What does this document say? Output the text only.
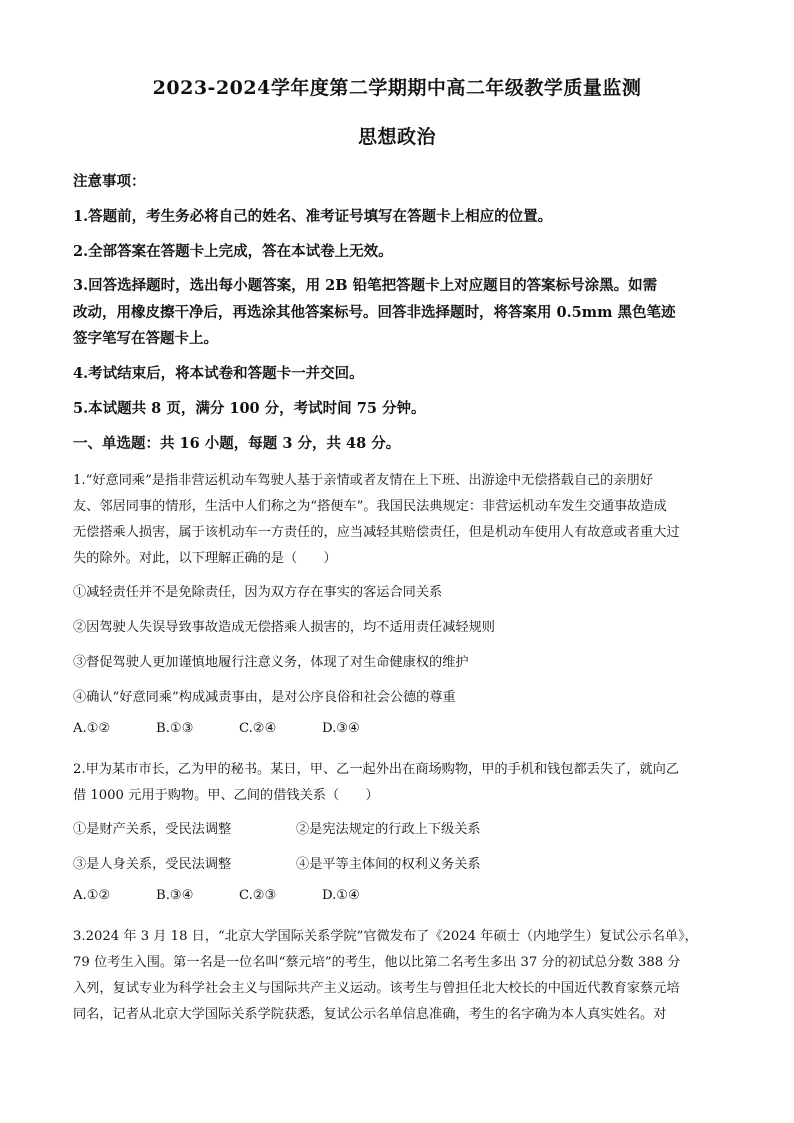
2023-2024学年度第二学期期中高二年级教学质量监测
思想政治
注意事项：
1.答题前，考生务必将自己的姓名、准考证号填写在答题卡上相应的位置。
2.全部答案在答题卡上完成，答在本试卷上无效。
3.回答选择题时，选出每小题答案，用 2B 铅笔把答题卡上对应题目的答案标号涂黑。如需
改动，用橡皮擦干净后，再选涂其他答案标号。回答非选择题时，将答案用 0.5mm 黑色笔迹
签字笔写在答题卡上。
4.考试结束后，将本试卷和答题卡一并交回。
5.本试题共 8 页，满分 100 分，考试时间 75 分钟。
一、单选题：共 16 小题，每题 3 分，共 48 分。
1.“好意同乘”是指非营运机动车驾驶人基于亲情或者友情在上下班、出游途中无偿搭载自己的亲朋好
友、邻居同事的情形，生活中人们称之为“搭便车”。我国民法典规定：非营运机动车发生交通事故造成
无偿搭乘人损害，属于该机动车一方责任的，应当减轻其赔偿责任，但是机动车使用人有故意或者重大过
失的除外。对此，以下理解正确的是（　　）
①减轻责任并不是免除责任，因为双方存在事实的客运合同关系
②因驾驶人失误导致事故造成无偿搭乘人损害的，均不适用责任减轻规则
③督促驾驶人更加谨慎地履行注意义务，体现了对生命健康权的维护
④确认“好意同乘”构成减责事由，是对公序良俗和社会公德的尊重
A.①②	B.①③	C.②④	D.③④
2.甲为某市市长，乙为甲的秘书。某日，甲、乙一起外出在商场购物，甲的手机和钱包都丢失了，就向乙
借 1000 元用于购物。甲、乙间的借钱关系（　　）
①是财产关系，受民法调整	②是宪法规定的行政上下级关系
③是人身关系，受民法调整	④是平等主体间的权利义务关系
A.①②	B.③④	C.②③	D.①④
3.2024 年 3 月 18 日，“北京大学国际关系学院”官微发布了《2024 年硕士（内地学生）复试公示名单》，
79 位考生入围。第一名是一位名叫“蔡元培”的考生，他以比第二名考生多出 37 分的初试总分数 388 分
入列，复试专业为科学社会主义与国际共产主义运动。该考生与曾担任北大校长的中国近代教育家蔡元培
同名，记者从北京大学国际关系学院获悉，复试公示名单信息准确，考生的名字确为本人真实姓名。对
